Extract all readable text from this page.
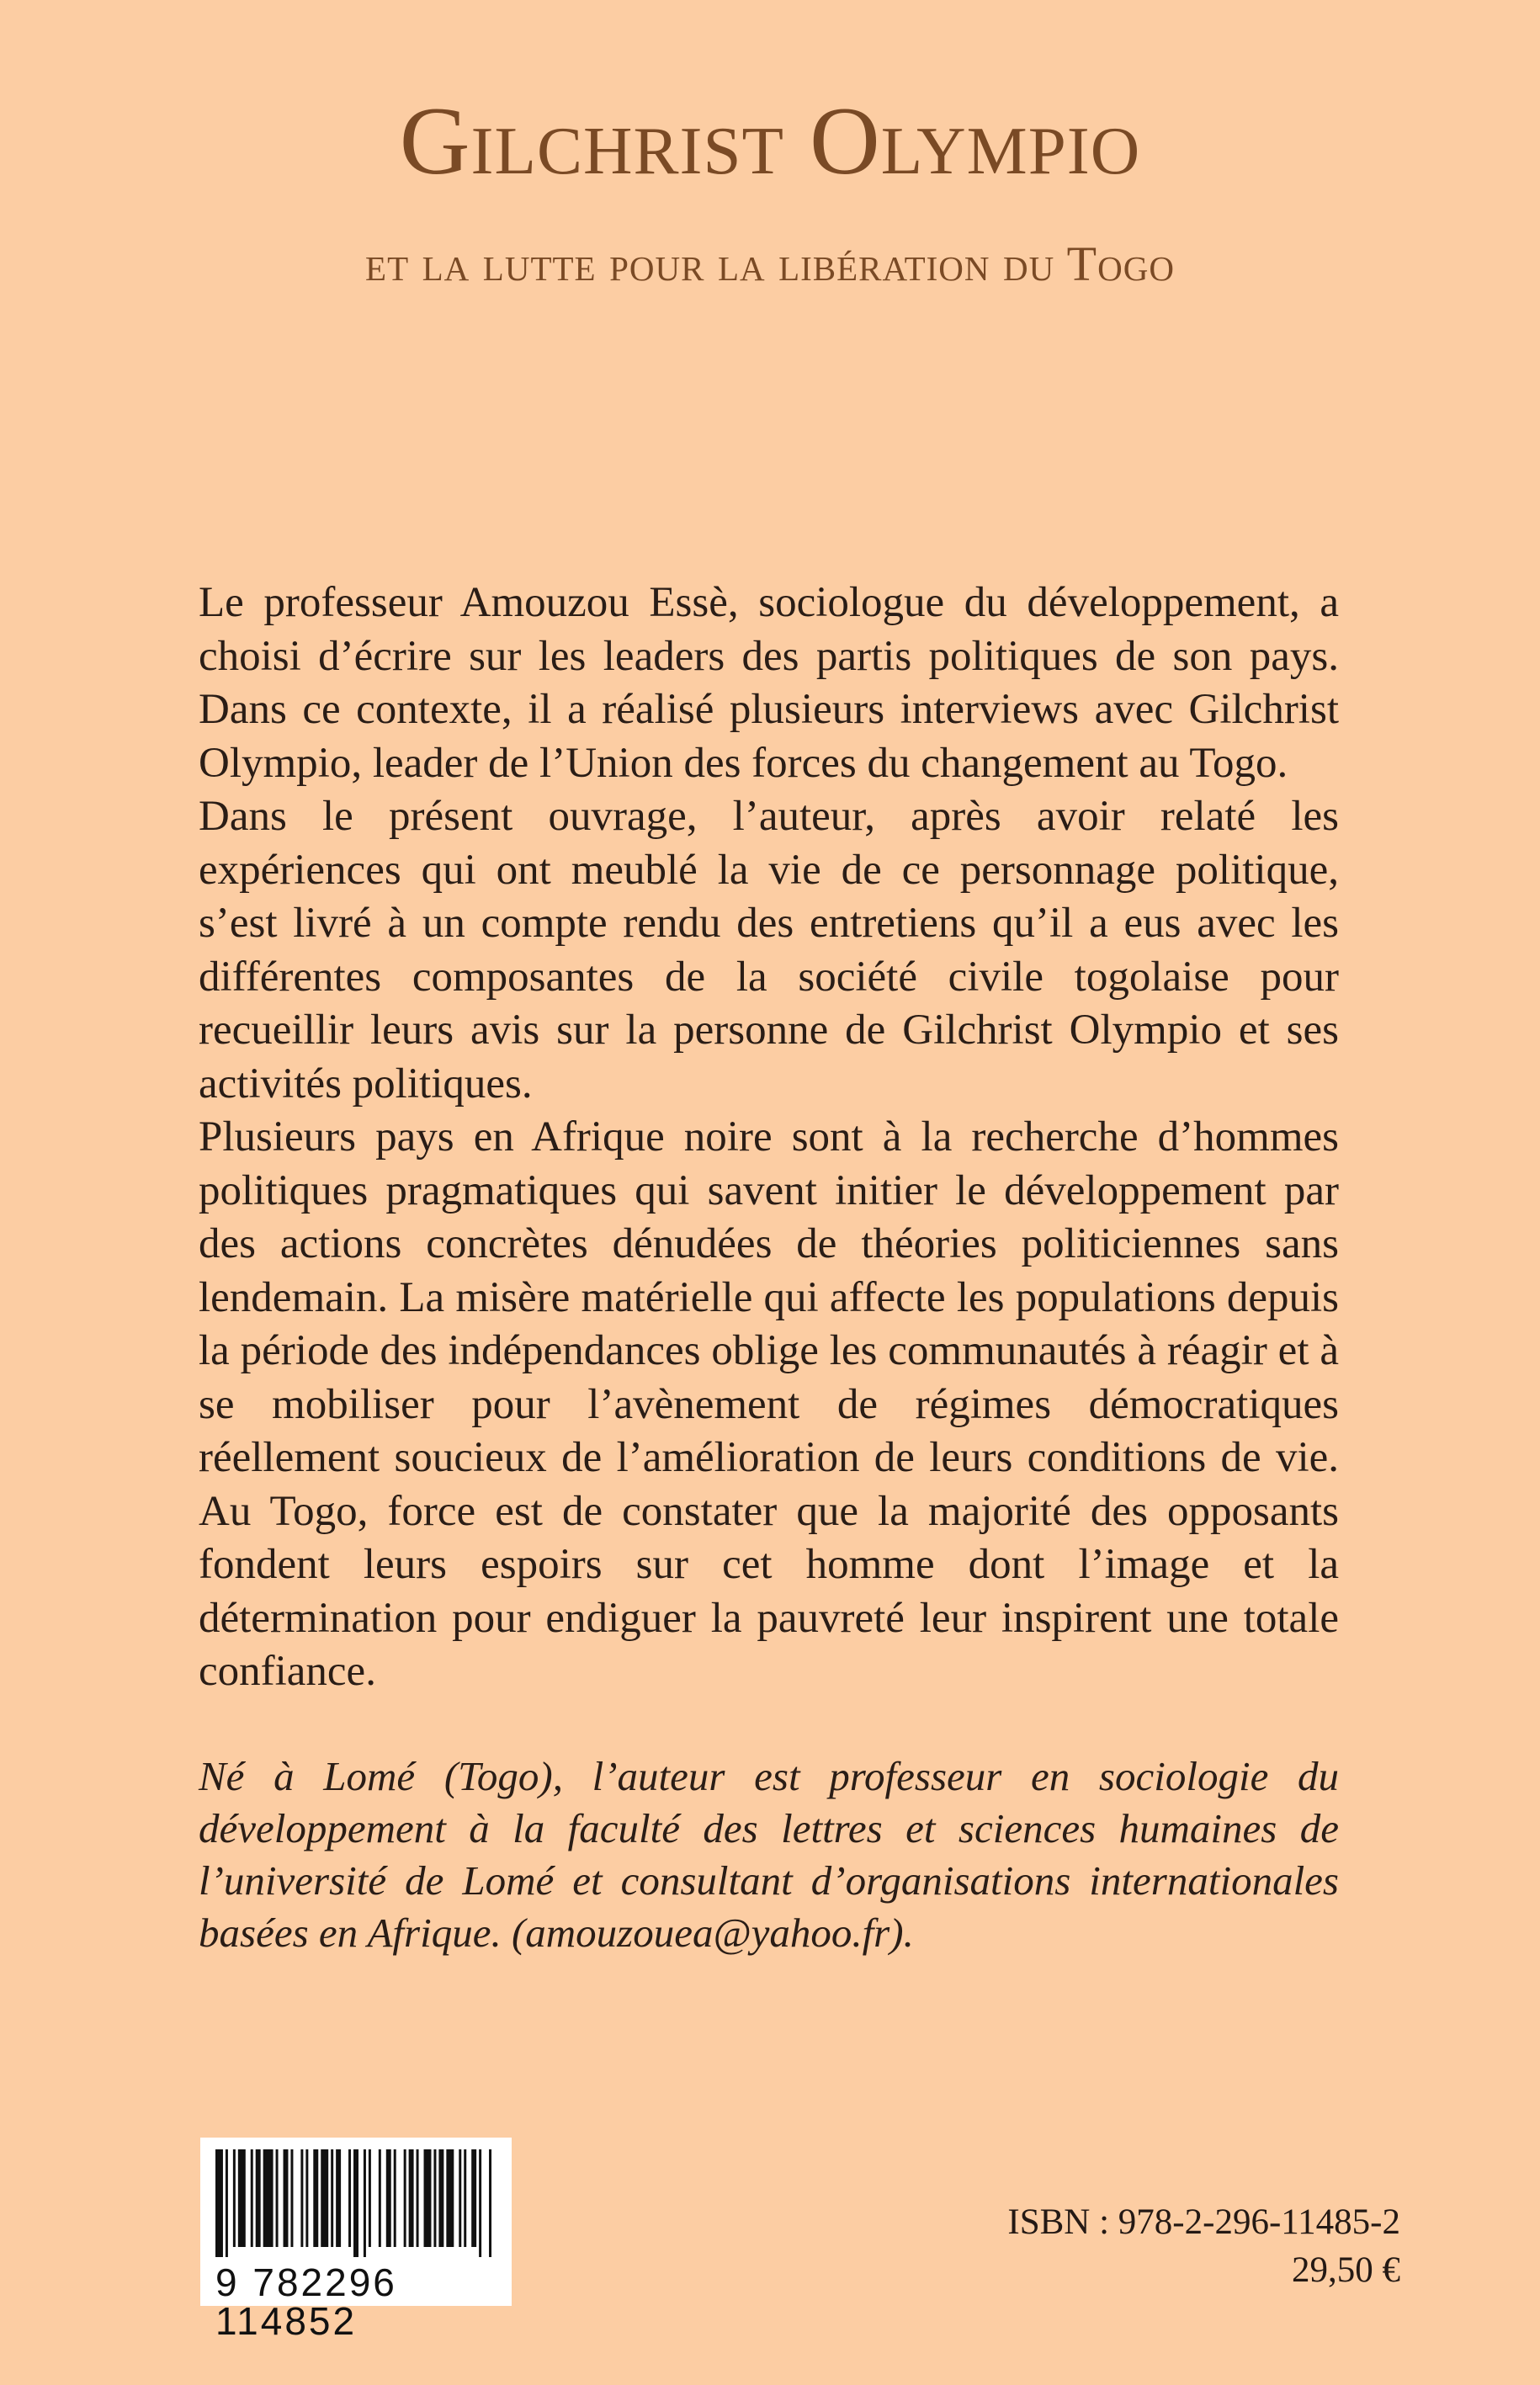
Gilchrist Olympio
et la lutte pour la libération du Togo

Le professeur Amouzou Essè, sociologue du développement, a choisi d’écrire sur les leaders des partis politiques de son pays. Dans ce contexte, il a réalisé plusieurs interviews avec Gilchrist Olympio, leader de l’Union des forces du changement au Togo.

Dans le présent ouvrage, l’auteur, après avoir relaté les expériences qui ont meublé la vie de ce personnage politique, s’est livré à un compte rendu des entretiens qu’il a eus avec les différentes composantes de la société civile togolaise pour recueillir leurs avis sur la personne de Gilchrist Olympio et ses activités politiques.

Plusieurs pays en Afrique noire sont à la recherche d’hommes politiques pragmatiques qui savent initier le développement par des actions concrètes dénudées de théories politiciennes sans lendemain. La misère matérielle qui affecte les populations depuis la période des indépendances oblige les communautés à réagir et à se mobiliser pour l’avènement de régimes démocratiques réellement soucieux de l’amélioration de leurs conditions de vie. Au Togo, force est de constater que la majorité des opposants fondent leurs espoirs sur cet homme dont l’image et la détermination pour endiguer la pauvreté leur inspirent une totale confiance.

Né à Lomé (Togo), l’auteur est professeur en sociologie du développement à la faculté des lettres et sciences humaines de l’université de Lomé et consultant d’organisations internationales basées en Afrique. (amouzouea@yahoo.fr).

9 782296 114852
ISBN : 978-2-296-11485-2
29,50 €
